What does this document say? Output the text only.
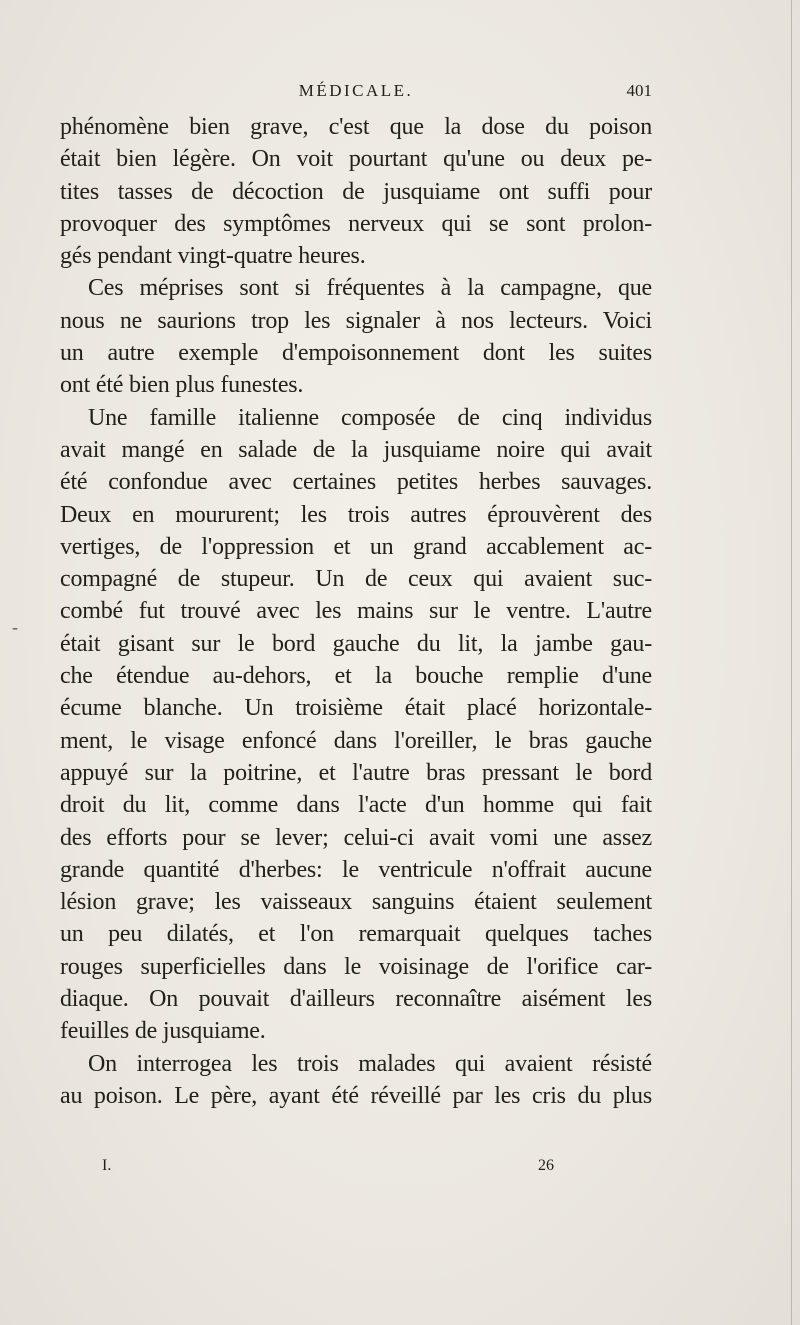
-
MÉDICALE.	401
phénomène bien grave, c'est que la dose du poison
était bien légère. On voit pourtant qu'une ou deux pe-
tites tasses de décoction de jusquiame ont suffi pour
provoquer des symptômes nerveux qui se sont prolon-
gés pendant vingt-quatre heures.
Ces méprises sont si fréquentes à la campagne, que
nous ne saurions trop les signaler à nos lecteurs. Voici
un autre exemple d'empoisonnement dont les suites
ont été bien plus funestes.
Une famille italienne composée de cinq individus
avait mangé en salade de la jusquiame noire qui avait
été confondue avec certaines petites herbes sauvages.
Deux en moururent; les trois autres éprouvèrent des
vertiges, de l'oppression et un grand accablement ac-
compagné de stupeur. Un de ceux qui avaient suc-
combé fut trouvé avec les mains sur le ventre. L'autre
était gisant sur le bord gauche du lit, la jambe gau-
che étendue au-dehors, et la bouche remplie d'une
écume blanche. Un troisième était placé horizontale-
ment, le visage enfoncé dans l'oreiller, le bras gauche
appuyé sur la poitrine, et l'autre bras pressant le bord
droit du lit, comme dans l'acte d'un homme qui fait
des efforts pour se lever; celui-ci avait vomi une assez
grande quantité d'herbes: le ventricule n'offrait aucune
lésion grave; les vaisseaux sanguins étaient seulement
un peu dilatés, et l'on remarquait quelques taches
rouges superficielles dans le voisinage de l'orifice car-
diaque. On pouvait d'ailleurs reconnaître aisément les
feuilles de jusquiame.
On interrogea les trois malades qui avaient résisté
au poison. Le père, ayant été réveillé par les cris du plus
I.	26
